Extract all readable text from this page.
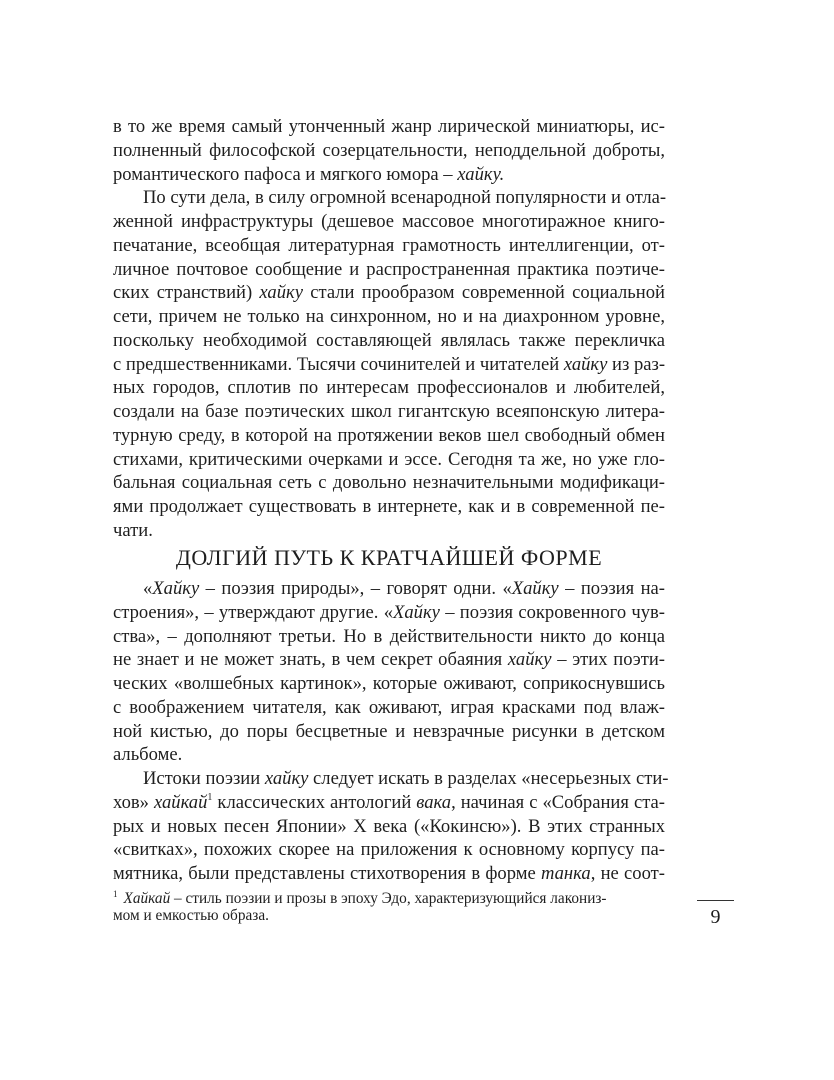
в то же время самый утонченный жанр лирической миниатюры, ис-
полненный философской созерцательности, неподдельной доброты,
романтического пафоса и мягкого юмора – хайку.
По сути дела, в силу огромной всенародной популярности и отла-
женной инфраструктуры (дешевое массовое многотиражное книго-
печатание, всеобщая литературная грамотность интеллигенции, от-
личное почтовое сообщение и распространенная практика поэтиче-
ских странствий) хайку стали прообразом современной социальной
сети, причем не только на синхронном, но и на диахронном уровне,
поскольку необходимой составляющей являлась также перекличка
с предшественниками. Тысячи сочинителей и читателей хайку из раз-
ных городов, сплотив по интересам профессионалов и любителей,
создали на базе поэтических школ гигантскую всеяпонскую литера-
турную среду, в которой на протяжении веков шел свободный обмен
стихами, критическими очерками и эссе. Сегодня та же, но уже гло-
бальная социальная сеть с довольно незначительными модификаци-
ями продолжает существовать в интернете, как и в современной пе-
чати.
ДОЛГИЙ ПУТЬ К КРАТЧАЙШЕЙ ФОРМЕ
«Хайку – поэзия природы», – говорят одни. «Хайку – поэзия на-
строения», – утверждают другие. «Хайку – поэзия сокровенного чув-
ства», – дополняют третьи. Но в действительности никто до конца
не знает и не может знать, в чем секрет обаяния хайку – этих поэти-
ческих «волшебных картинок», которые оживают, соприкоснувшись
с воображением читателя, как оживают, играя красками под влаж-
ной кистью, до поры бесцветные и невзрачные рисунки в детском
альбоме.
Истоки поэзии хайку следует искать в разделах «несерьезных сти-
хов» хайкай$^1$ классических антологий вака, начиная с «Собрания ста-
рых и новых песен Японии» X века («Кокинсю»). В этих странных
«свитках», похожих скорее на приложения к основному корпусу па-
мятника, были представлены стихотворения в форме танка, не соот-
$^1$ Хайкай – стиль поэзии и прозы в эпоху Эдо, характеризующийся лакониз-
мом и емкостью образа.	9
